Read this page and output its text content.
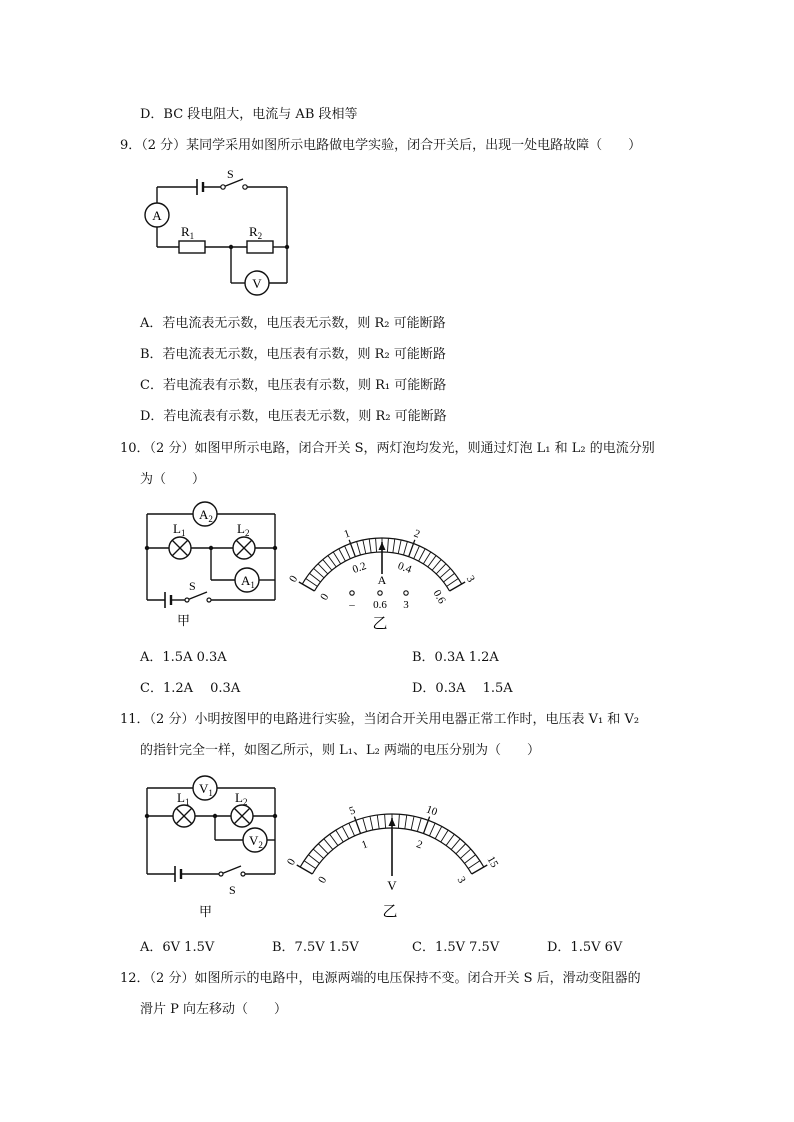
D．BC 段电阻大，电流与 AB 段相等
9．（2 分）某同学采用如图所示电路做电学实验，闭合开关后，出现一处电路故障（　　）
S
A
$R_1$	$R_2$
V
A．若电流表无示数，电压表无示数，则 R₂ 可能断路
B．若电流表无示数，电压表有示数，则 R₂ 可能断路
C．若电流表有示数，电压表有示数，则 R₁ 可能断路
D．若电流表有示数，电压表无示数，则 R₂ 可能断路
10．（2 分）如图甲所示电路，闭合开关 S，两灯泡均发光，则通过灯泡 L₁ 和 L₂ 的电流分别
为（　　）
$A_2$
$L_1$	$L_2$
$A_1$
S
甲
0
1	2
3
0
0.2	0.4
0.6
A
– 0.6 3
乙
A．1.5A 0.3A	B．0.3A 1.2A
C．1.2A　 0.3A	D．0.3A　 1.5A
11．（2 分）小明按图甲的电路进行实验，当闭合开关用电器正常工作时，电压表 V₁ 和 V₂
的指针完全一样，如图乙所示，则 L₁、L₂ 两端的电压分别为（　　）
$V_1$
$L_1$	$L_2$
$V_2$
S
甲
0
5	10
15
0
1	2
3
V
乙
A．6V 1.5V	B．7.5V 1.5V	C．1.5V 7.5V	D．1.5V 6V
12．（2 分）如图所示的电路中，电源两端的电压保持不变。闭合开关 S 后，滑动变阻器的
滑片 P 向左移动（　　）
